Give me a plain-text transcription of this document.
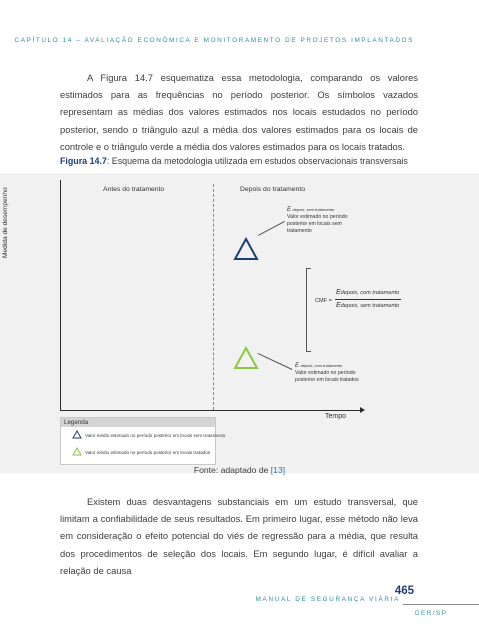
CAPÍTULO 14 – AVALIAÇÃO ECONÔMICA E MONITORAMENTO DE PROJETOS IMPLANTADOS

A Figura 14.7 esquematiza essa metodologia, comparando os valores estimados para as frequências no período posterior. Os símbolos vazados representam as médias dos valores estimados nos locais estudados no período posterior, sendo o triângulo azul a média dos valores estimados para os locais de controle e o triângulo verde a média dos valores estimados para os locais tratados.

Figura 14.7: Esquema da metodologia utilizada em estudos observacionais transversais
Medida de desempenho	Antes do tratamento	Depois do tratamento
Tempo
E depois, sem tratamento
Valor estimado no período posterior em locais sem tratamento
E depois, com tratamento
Valor estimado no período posterior em locais tratados
CMF =
Edepois, com tratamento
Edepois, sem tratamento
Legenda
Valor médio estimado no período posterior em locais sem tratamento
Valor médio estimado no período posterior em locais tratados
Fonte: adaptado de [13]

Existem duas desvantagens substanciais em um estudo transversal, que limitam a confiabilidade de seus resultados. Em primeiro lugar, esse método não leva em consideração o efeito potencial do viés de regressão para a média, que resulta dos procedimentos de seleção dos locais. Em segundo lugar, é difícil avaliar a relação de causa

465
MANUAL DE SEGURANÇA VIÁRIA
DER/SP
